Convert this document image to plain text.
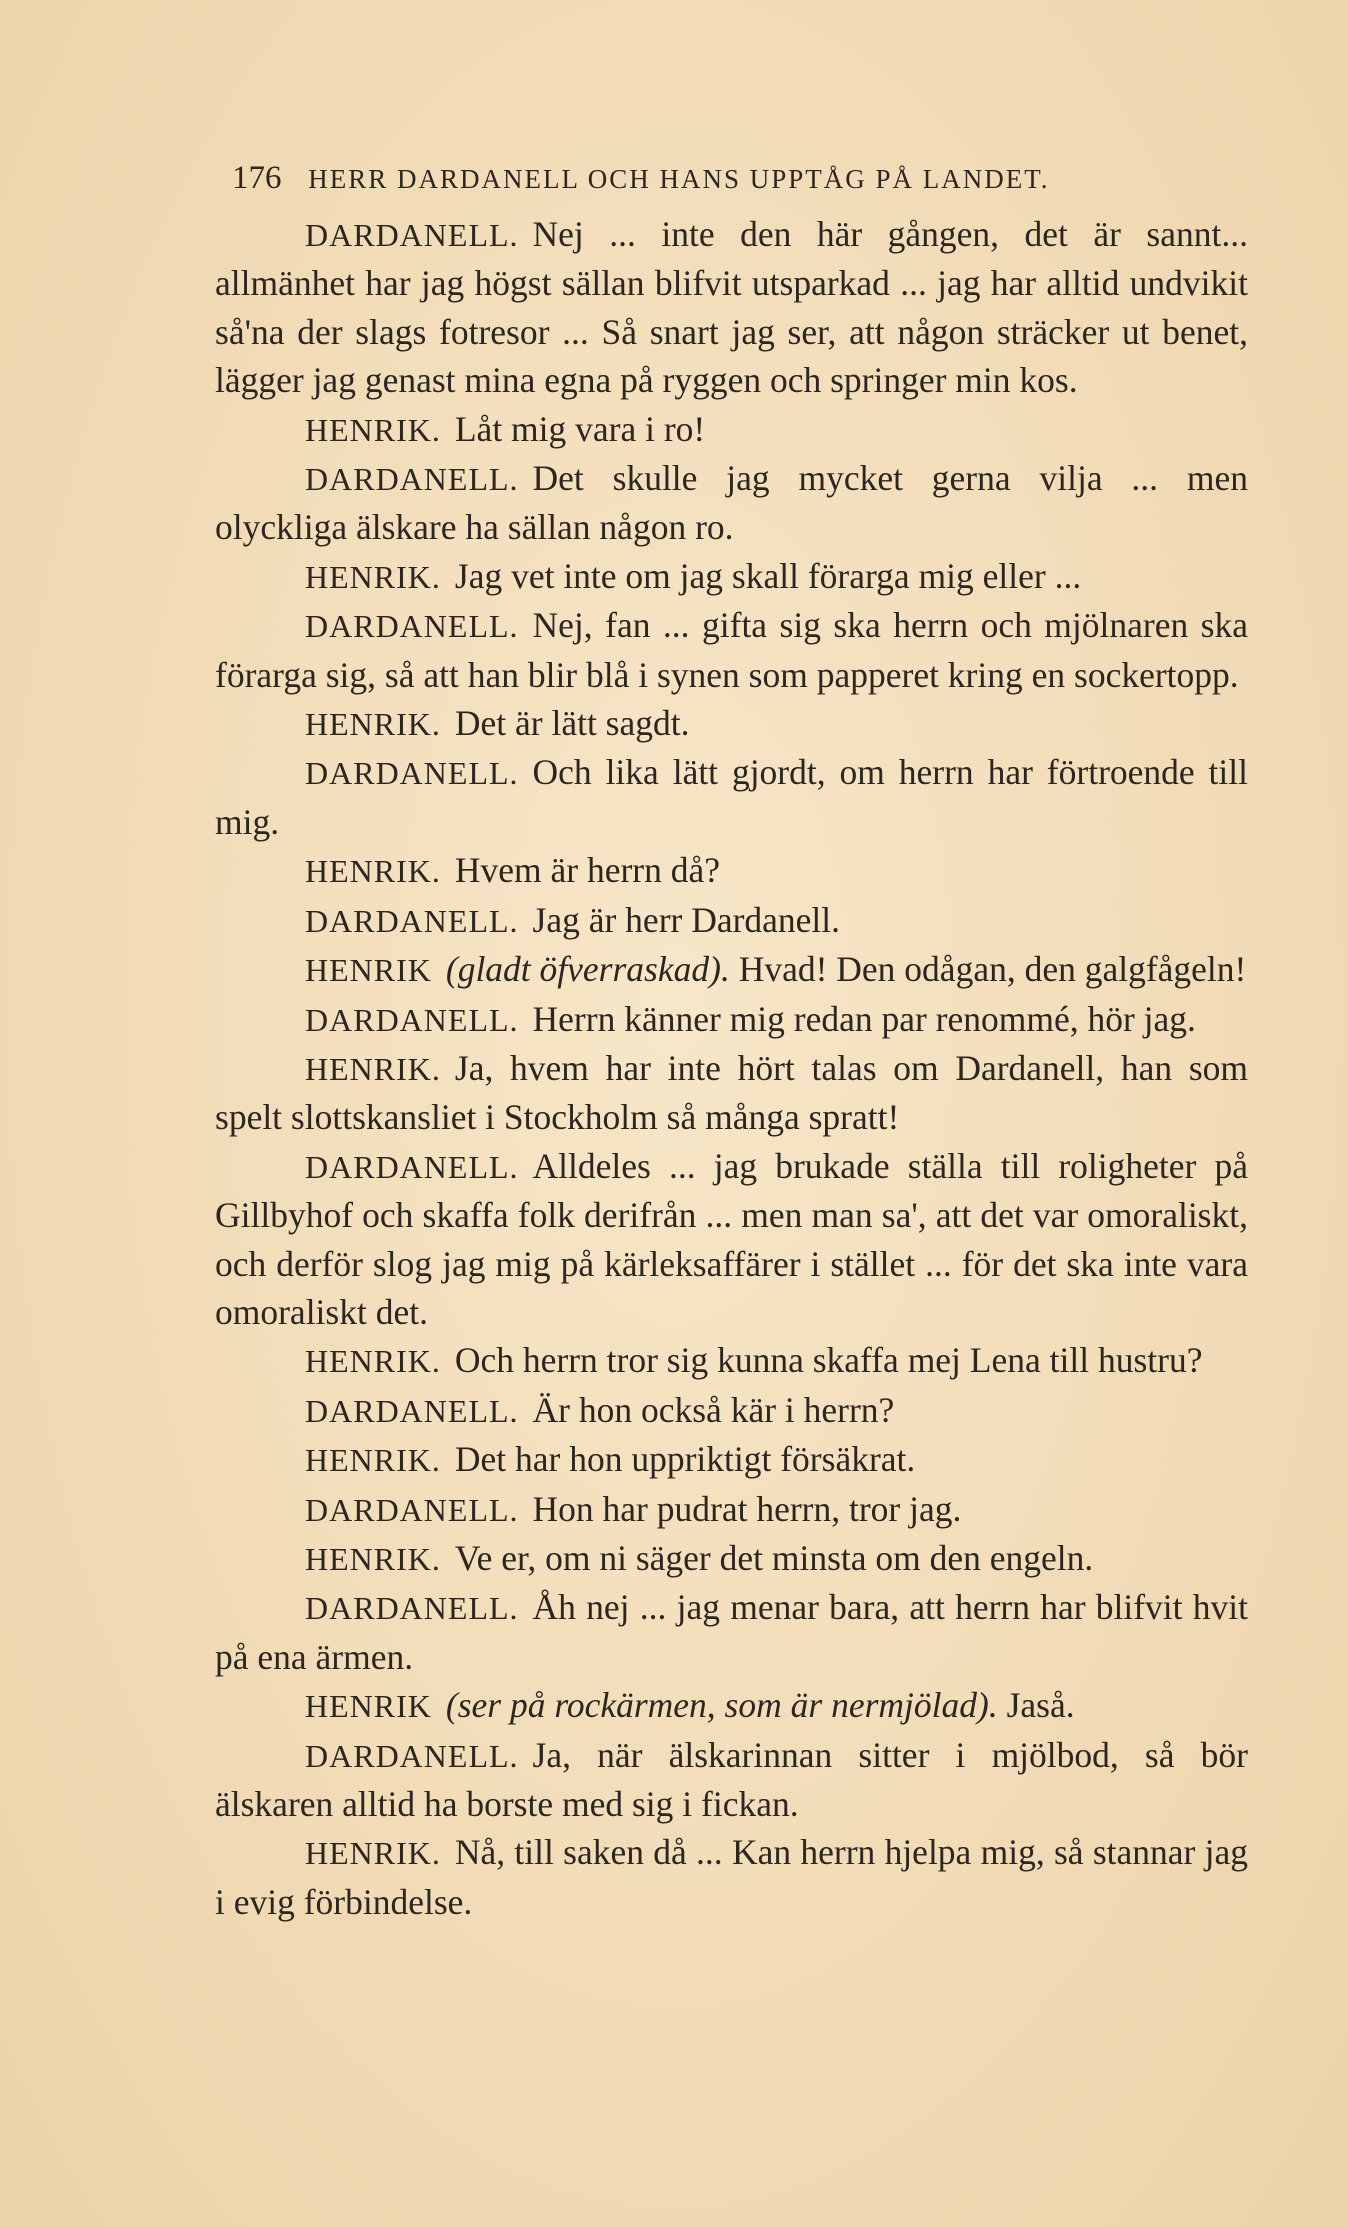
176 HERR DARDANELL OCH HANS UPPTÅG PÅ LANDET.

DARDANELL. Nej ... inte den här gången, det är sannt... allmänhet har jag högst sällan blifvit utsparkad ... jag har alltid undvikit så'na der slags fotresor ... Så snart jag ser, att någon sträcker ut benet, lägger jag genast mina egna på ryggen och springer min kos.

HENRIK. Låt mig vara i ro!

DARDANELL. Det skulle jag mycket gerna vilja ... men olyckliga älskare ha sällan någon ro.

HENRIK. Jag vet inte om jag skall förarga mig eller ...

DARDANELL. Nej, fan ... gifta sig ska herrn och mjölnaren ska förarga sig, så att han blir blå i synen som papperet kring en sockertopp.

HENRIK. Det är lätt sagdt.

DARDANELL. Och lika lätt gjordt, om herrn har förtroende till mig.

HENRIK. Hvem är herrn då?

DARDANELL. Jag är herr Dardanell.

HENRIK (gladt öfverraskad). Hvad! Den odågan, den galgfågeln!

DARDANELL. Herrn känner mig redan par renommé, hör jag.

HENRIK. Ja, hvem har inte hört talas om Dardanell, han som spelt slottskansliet i Stockholm så många spratt!

DARDANELL. Alldeles ... jag brukade ställa till roligheter på Gillbyhof och skaffa folk derifrån ... men man sa', att det var omoraliskt, och derför slog jag mig på kärleksaffärer i stället ... för det ska inte vara omoraliskt det.

HENRIK. Och herrn tror sig kunna skaffa mej Lena till hustru?

DARDANELL. Är hon också kär i herrn?

HENRIK. Det har hon uppriktigt försäkrat.

DARDANELL. Hon har pudrat herrn, tror jag.

HENRIK. Ve er, om ni säger det minsta om den engeln.

DARDANELL. Åh nej ... jag menar bara, att herrn har blifvit hvit på ena ärmen.

HENRIK (ser på rockärmen, som är nermjölad). Jaså.

DARDANELL. Ja, när älskarinnan sitter i mjölbod, så bör älskaren alltid ha borste med sig i fickan.

HENRIK. Nå, till saken då ... Kan herrn hjelpa mig, så stannar jag i evig förbindelse.
